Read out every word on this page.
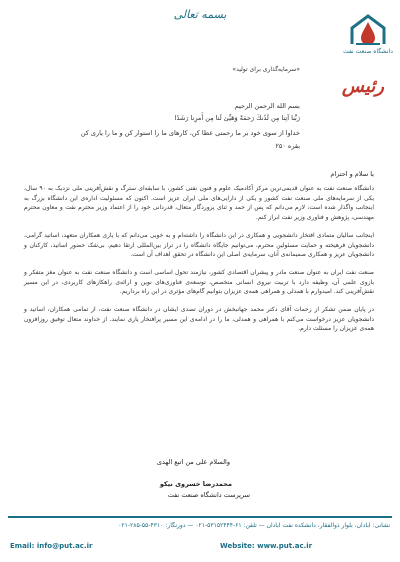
بسمه تعالی
دانشگاه صنعت نفت
«سرمایه‌گذاری برای تولید»
رئیس
بسم الله الرحمن الرحیم
رَبَّنا آتِنا مِن لَدُنكَ رَحمَةً وَهَيِّئ لَنا مِن أَمرِنا رَشَدًا
خداوا از سوی خود بر ما رحمتی عطا کن، کارهای ما را استوار کن و ما را یاری کن
بقره ۲۵۰
با سلام و احترام

دانشگاه صنعت نفت به عنوان قدیمی‌ترین مرکز آکادمیک علوم و فنون نفتی کشور، با سابقه‌ای سترگ و نقش‌آفرینی ملی نزدیک به ۹۰ سال، یکی از سرمایه‌های ملی صنعت نفت کشور و یکی از دارایی‌های ملی ایران عزیز است. اکنون که مسئولیت اداره‌ی این دانشگاه بزرگ به اینجانب واگذار شده است، لازم می‌دانم که پس از حمد و ثنای پروردگار متعال، قدردانی خود را از اعتماد وزیر محترم نفت و معاون محترم مهندسی، پژوهش و فناوری وزیر نفت ابراز کنم.

اینجانب سالیان متمادی افتخار دانشجویی و همکاری در این دانشگاه را داشته‌ام و به خوبی می‌دانم که با یاری همکاران متعهد، اساتید گرامی، دانشجویان فرهیخته و حمایت مسئولین محترم، می‌توانیم جایگاه دانشگاه را در تراز بین‌المللی ارتقا دهیم. بی‌شک حضور اساتید، کارکنان و دانشجویان عزیز و همکاری صمیمانه‌ی آنان، سرمایه‌ی اصلی این دانشگاه در تحقق اهداف آن است.

صنعت نفت ایران به عنوان صنعت مادر و پیشران اقتصادی کشور، نیازمند تحول اساسی است و دانشگاه صنعت نفت به عنوان مغز متفکر و بازوی علمی آن، وظیفه دارد با تربیت نیروی انسانی متخصص، توسعه‌ی فناوری‌های نوین و ارائه‌ی راهکارهای کاربردی، در این مسیر نقش‌آفرینی کند. امیدوارم با همدلی و همراهی همه‌ی عزیزان بتوانیم گام‌های مؤثری در این راه برداریم.

در پایان ضمن تشکر از زحمات آقای دکتر محمد جهانبخش در دوران تصدی ایشان در دانشگاه صنعت نفت، از تمامی همکاران، اساتید و دانشجویان عزیز درخواست می‌کنم با همراهی و همدلی، ما را در ادامه‌ی این مسیر پرافتخار یاری نمایند. از خداوند متعال توفیق روزافزون همه‌ی عزیزان را مسئلت دارم.

والسلام علی من اتبع الهدی
محمدرضا خسروی نیکو
سرپرست دانشگاه صنعت نفت
نشانی: آبادان، بلوار ذوالفقار، دانشکده نفت آبادان — تلفن: ۶۱-۵۳۱۵۲۴۴۴-۰۲۱ — دورنگار: ۴۳۱۰-۵۵-۲۸۵-۰۲۱
Email: info@put.ac.ir	Website: www.put.ac.ir
